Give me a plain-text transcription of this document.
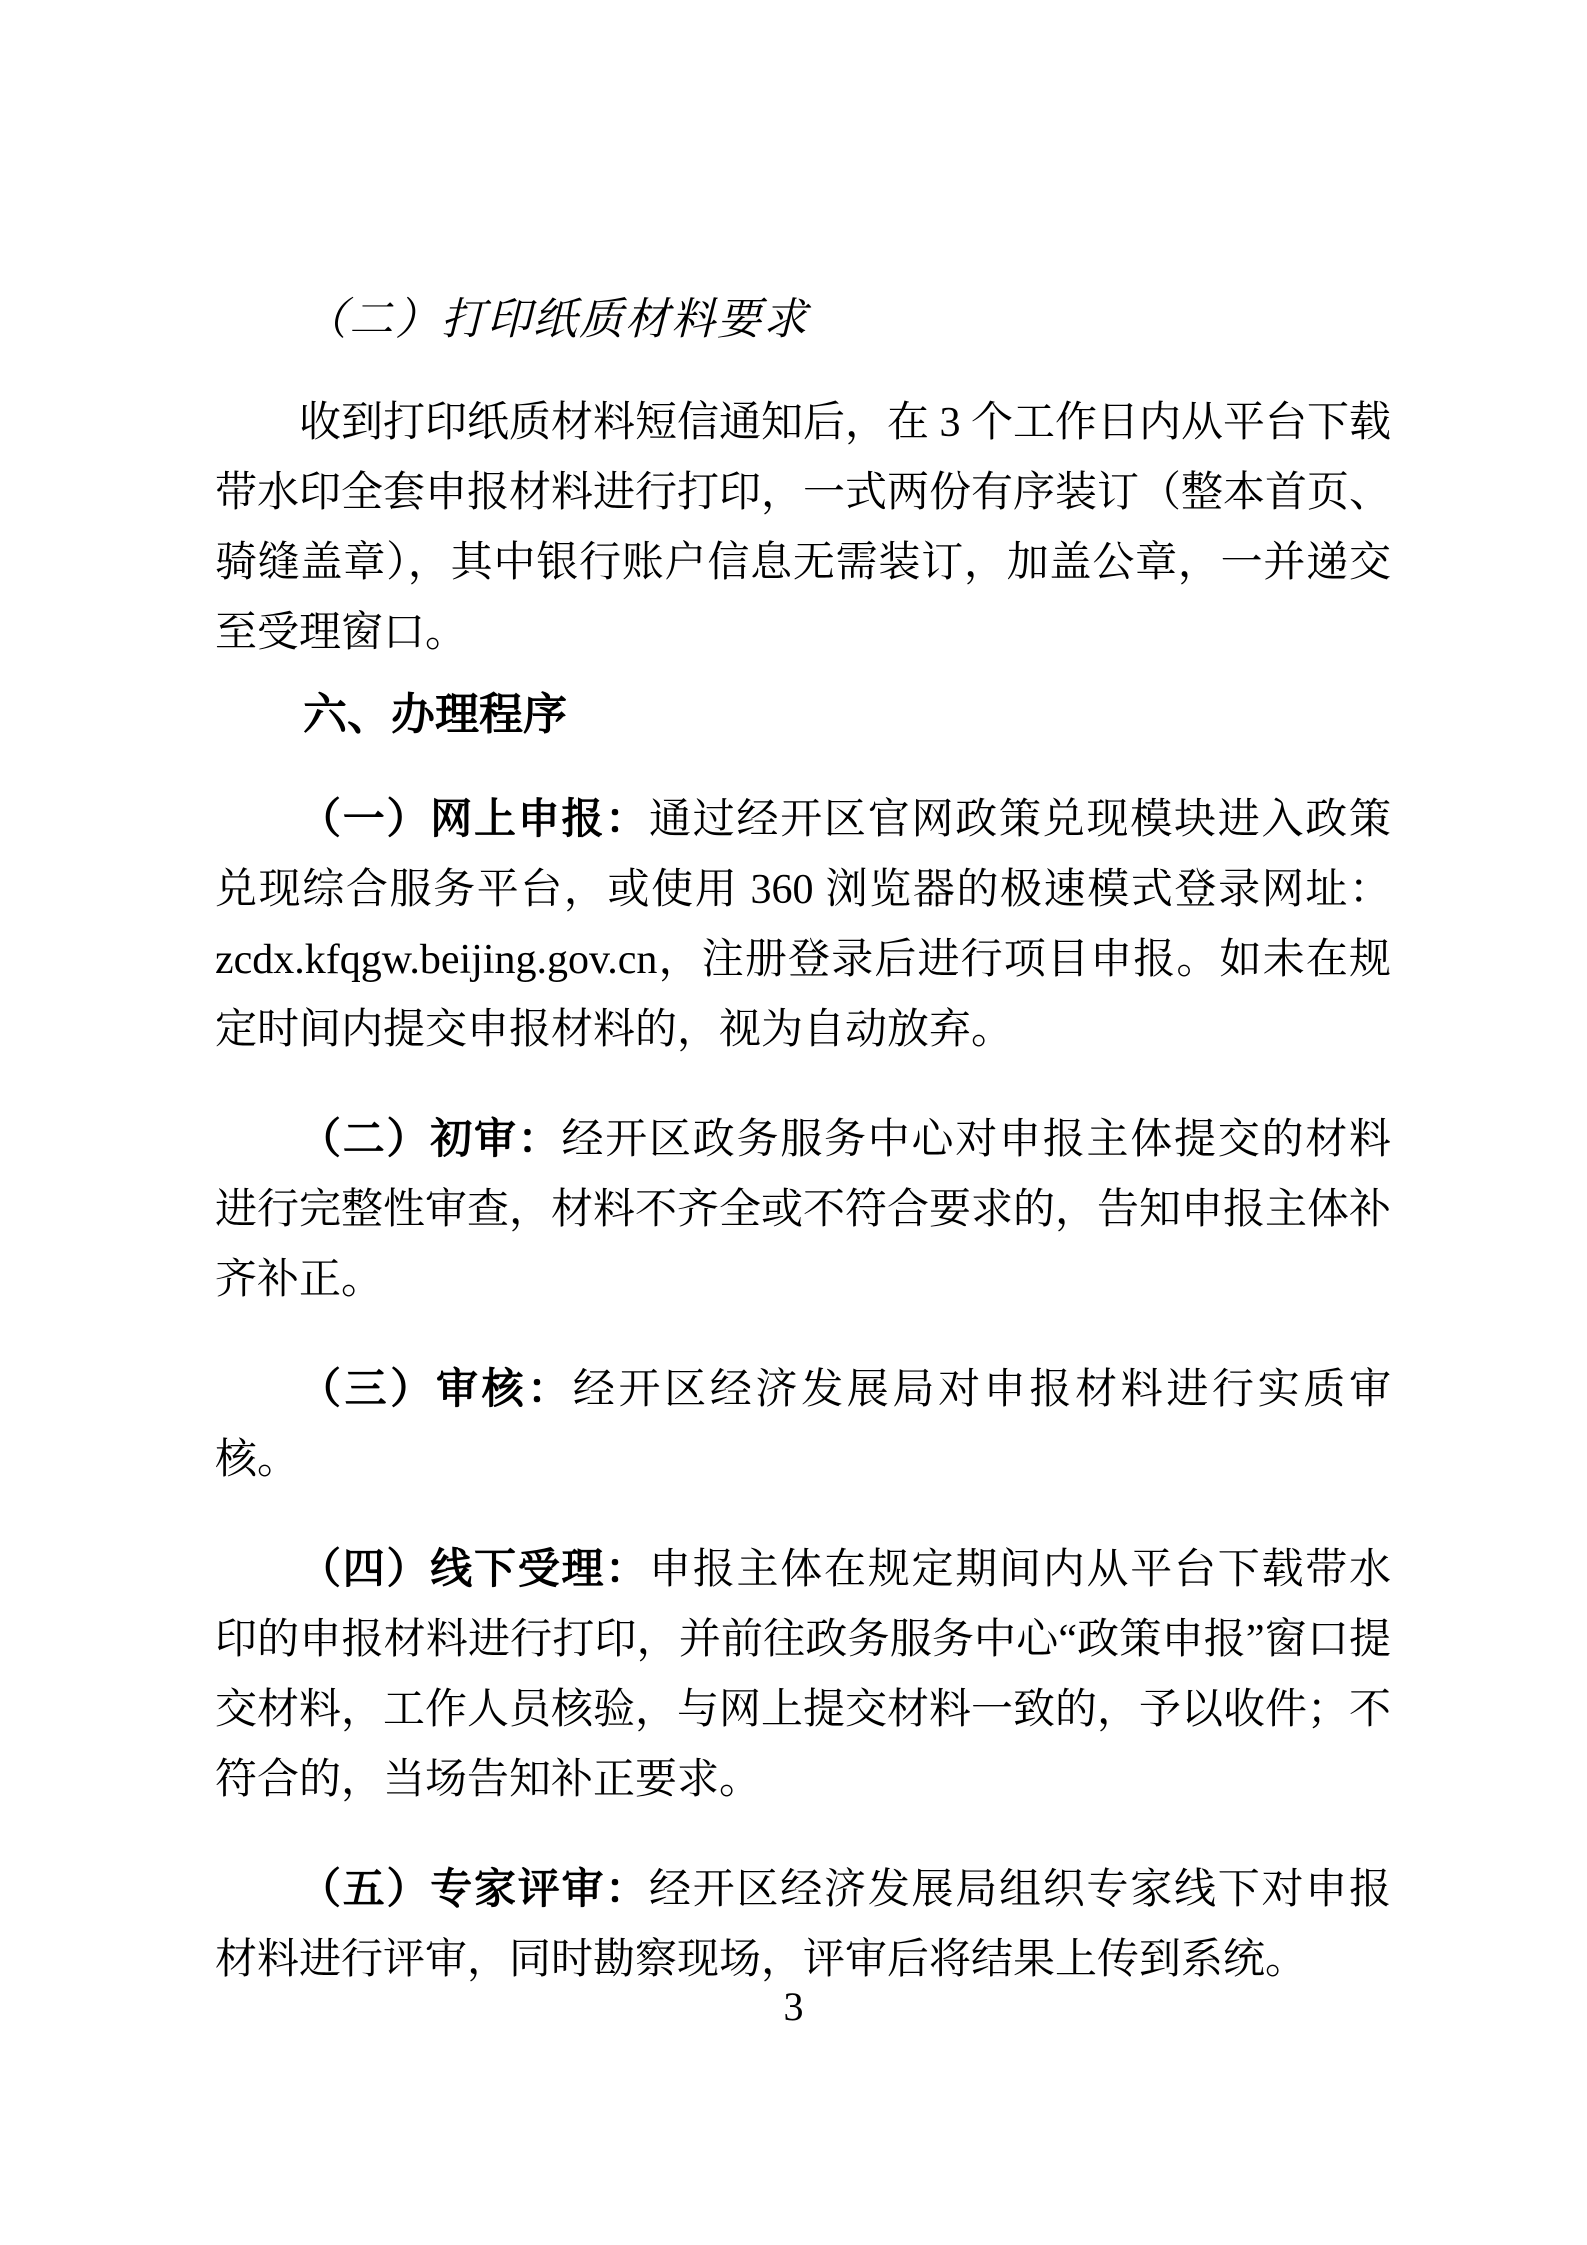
（二）打印纸质材料要求

收到打印纸质材料短信通知后，在 3 个工作日内从平台下载带水印全套申报材料进行打印，一式两份有序装订（整本首页、骑缝盖章），其中银行账户信息无需装订，加盖公章，一并递交至受理窗口。

六、办理程序

（一）网上申报：通过经开区官网政策兑现模块进入政策兑现综合服务平台，或使用 360 浏览器的极速模式登录网址：zcdx.kfqgw.beijing.gov.cn，注册登录后进行项目申报。如未在规定时间内提交申报材料的，视为自动放弃。

（二）初审：经开区政务服务中心对申报主体提交的材料进行完整性审查，材料不齐全或不符合要求的，告知申报主体补齐补正。

（三）审核：经开区经济发展局对申报材料进行实质审核。

（四）线下受理：申报主体在规定期间内从平台下载带水印的申报材料进行打印，并前往政务服务中心“政策申报”窗口提交材料，工作人员核验，与网上提交材料一致的，予以收件；不符合的，当场告知补正要求。

（五）专家评审：经开区经济发展局组织专家线下对申报材料进行评审，同时勘察现场，评审后将结果上传到系统。

3
